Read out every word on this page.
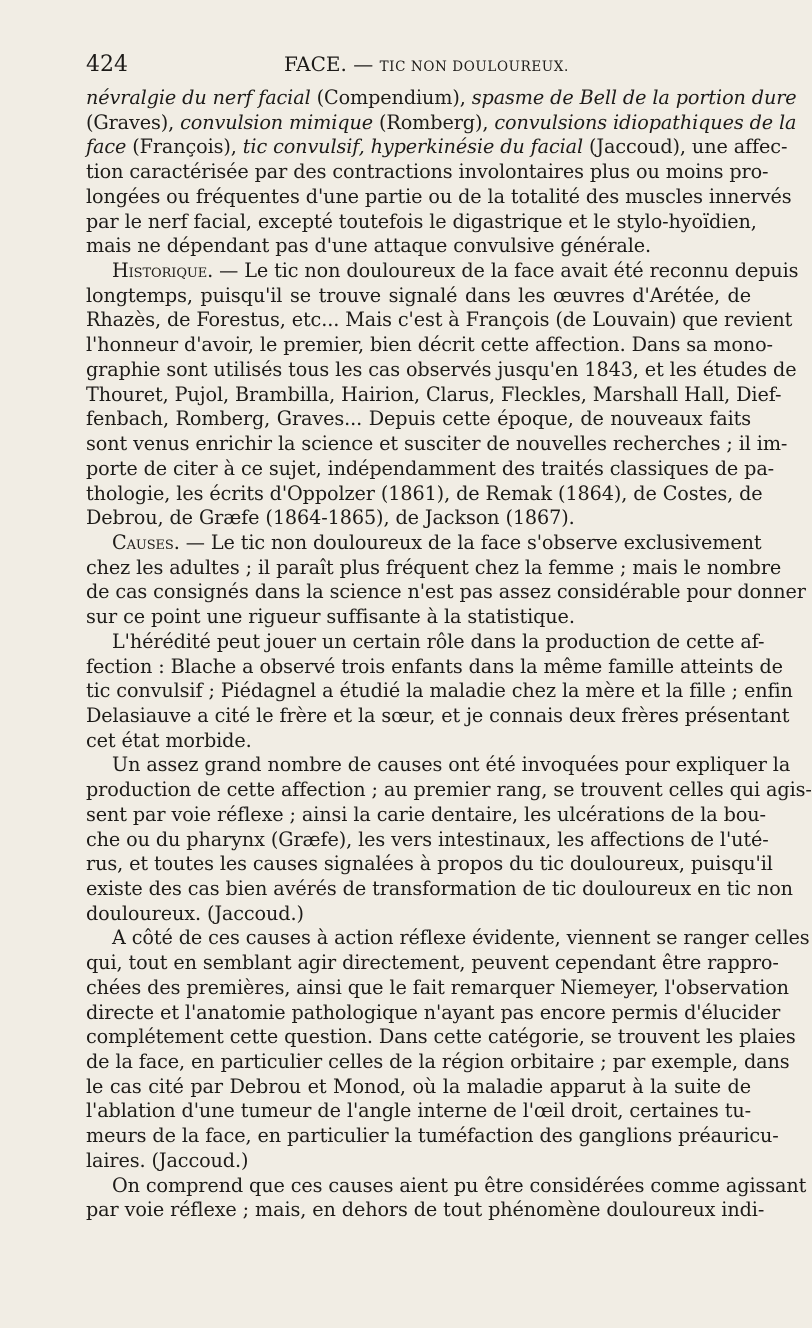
424	FACE. — TIC NON DOULOUREUX.
névralgie du nerf facial (Compendium), spasme de Bell de la portion dure
(Graves), convulsion mimique (Romberg), convulsions idiopathiques de la
face (François), tic convulsif, hyperkinésie du facial (Jaccoud), une affec-
tion caractérisée par des contractions involontaires plus ou moins pro-
longées ou fréquentes d'une partie ou de la totalité des muscles innervés
par le nerf facial, excepté toutefois le digastrique et le stylo-hyoïdien,
mais ne dépendant pas d'une attaque convulsive générale.
Historique. — Le tic non douloureux de la face avait été reconnu depuis
longtemps, puisqu'il se trouve signalé dans les œuvres d'Arétée, de
Rhazès, de Forestus, etc... Mais c'est à François (de Louvain) que revient
l'honneur d'avoir, le premier, bien décrit cette affection. Dans sa mono-
graphie sont utilisés tous les cas observés jusqu'en 1843, et les études de
Thouret, Pujol, Brambilla, Hairion, Clarus, Fleckles, Marshall Hall, Dief-
fenbach, Romberg, Graves... Depuis cette époque, de nouveaux faits
sont venus enrichir la science et susciter de nouvelles recherches ; il im-
porte de citer à ce sujet, indépendamment des traités classiques de pa-
thologie, les écrits d'Oppolzer (1861), de Remak (1864), de Costes, de
Debrou, de Græfe (1864-1865), de Jackson (1867).
Causes. — Le tic non douloureux de la face s'observe exclusivement
chez les adultes ; il paraît plus fréquent chez la femme ; mais le nombre
de cas consignés dans la science n'est pas assez considérable pour donner
sur ce point une rigueur suffisante à la statistique.
L'hérédité peut jouer un certain rôle dans la production de cette af-
fection : Blache a observé trois enfants dans la même famille atteints de
tic convulsif ; Piédagnel a étudié la maladie chez la mère et la fille ; enfin
Delasiauve a cité le frère et la sœur, et je connais deux frères présentant
cet état morbide.
Un assez grand nombre de causes ont été invoquées pour expliquer la
production de cette affection ; au premier rang, se trouvent celles qui agis-
sent par voie réflexe ; ainsi la carie dentaire, les ulcérations de la bou-
che ou du pharynx (Græfe), les vers intestinaux, les affections de l'uté-
rus, et toutes les causes signalées à propos du tic douloureux, puisqu'il
existe des cas bien avérés de transformation de tic douloureux en tic non
douloureux. (Jaccoud.)
A côté de ces causes à action réflexe évidente, viennent se ranger celles
qui, tout en semblant agir directement, peuvent cependant être rappro-
chées des premières, ainsi que le fait remarquer Niemeyer, l'observation
directe et l'anatomie pathologique n'ayant pas encore permis d'élucider
complétement cette question. Dans cette catégorie, se trouvent les plaies
de la face, en particulier celles de la région orbitaire ; par exemple, dans
le cas cité par Debrou et Monod, où la maladie apparut à la suite de
l'ablation d'une tumeur de l'angle interne de l'œil droit, certaines tu-
meurs de la face, en particulier la tuméfaction des ganglions préauricu-
laires. (Jaccoud.)
On comprend que ces causes aient pu être considérées comme agissant
par voie réflexe ; mais, en dehors de tout phénomène douloureux indi-
